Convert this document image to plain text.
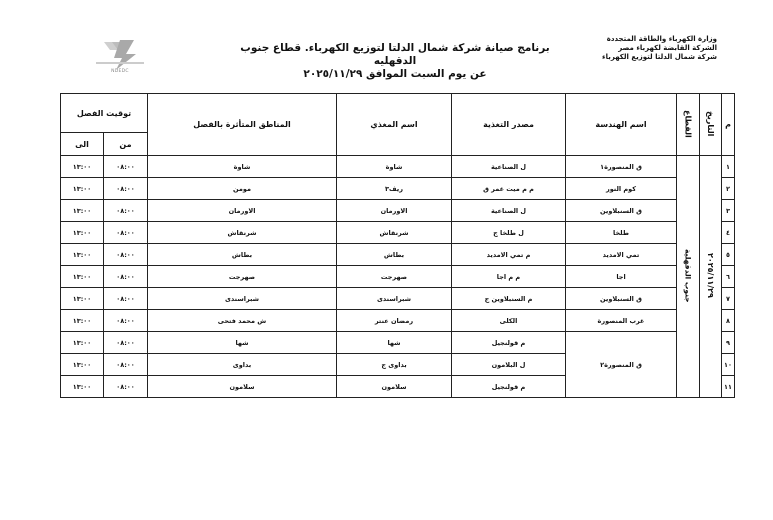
وزارة الكهرباء والطاقة المتجددة
الشركة القابضة لكهرباء مصر
شركة شمال الدلتا لتوزيع الكهرباء
برنامج صيانة شركة شمال الدلتا لتوزيع الكهرباء. قطاع جنوب الدقهليه
عن يوم السبت الموافق ٢٠٢٥/١١/٢٩
NDEDC
م	التاريخ	القطاع	اسم الهندسة	مصدر التغذية	اسم المغذي	المناطق المتأثرة بالفصل	توقيت الفصل	
							من	الى
١	٢٠٢٥/١١/٢٩	جنوب الدقهلية	ق المنصورة١	ل الصناعية	شاوة	شاوة	٠٨:٠٠	١٣:٠٠
٢			كوم النور	م م ميت غمر ق	ريف٣	مومن	٠٨:٠٠	١٣:٠٠
٣			ق السنبلاوين	ل الصناعية	الاورمان	الاورمان	٠٨:٠٠	١٣:٠٠
٤			طلخا	ل طلخا ج	شرنقاش	شرنقاش	٠٨:٠٠	١٣:٠٠
٥			تمي الامديد	م تمي الامديد	بطاش	بطاش	٠٨:٠٠	١٣:٠٠
٦			اجا	م م اجا	صهرجت	صهرجت	٠٨:٠٠	١٣:٠٠
٧			ق السنبلاوين	م السنبلاوين ج	شبراسندى	شبراسندى	٠٨:٠٠	١٣:٠٠
٨			غرب المنصورة	الكلى	رمضان عنتر	ش محمد فتحى	٠٨:٠٠	١٣:٠٠
٩			ق المنصورة٢	م قولنجيل	شها	شها	٠٨:٠٠	١٣:٠٠
١٠				ل البلامون	بداوى ج	بداوى	٠٨:٠٠	١٣:٠٠
١١				م قولنجيل	سلامون	سلامون	٠٨:٠٠	١٣:٠٠
